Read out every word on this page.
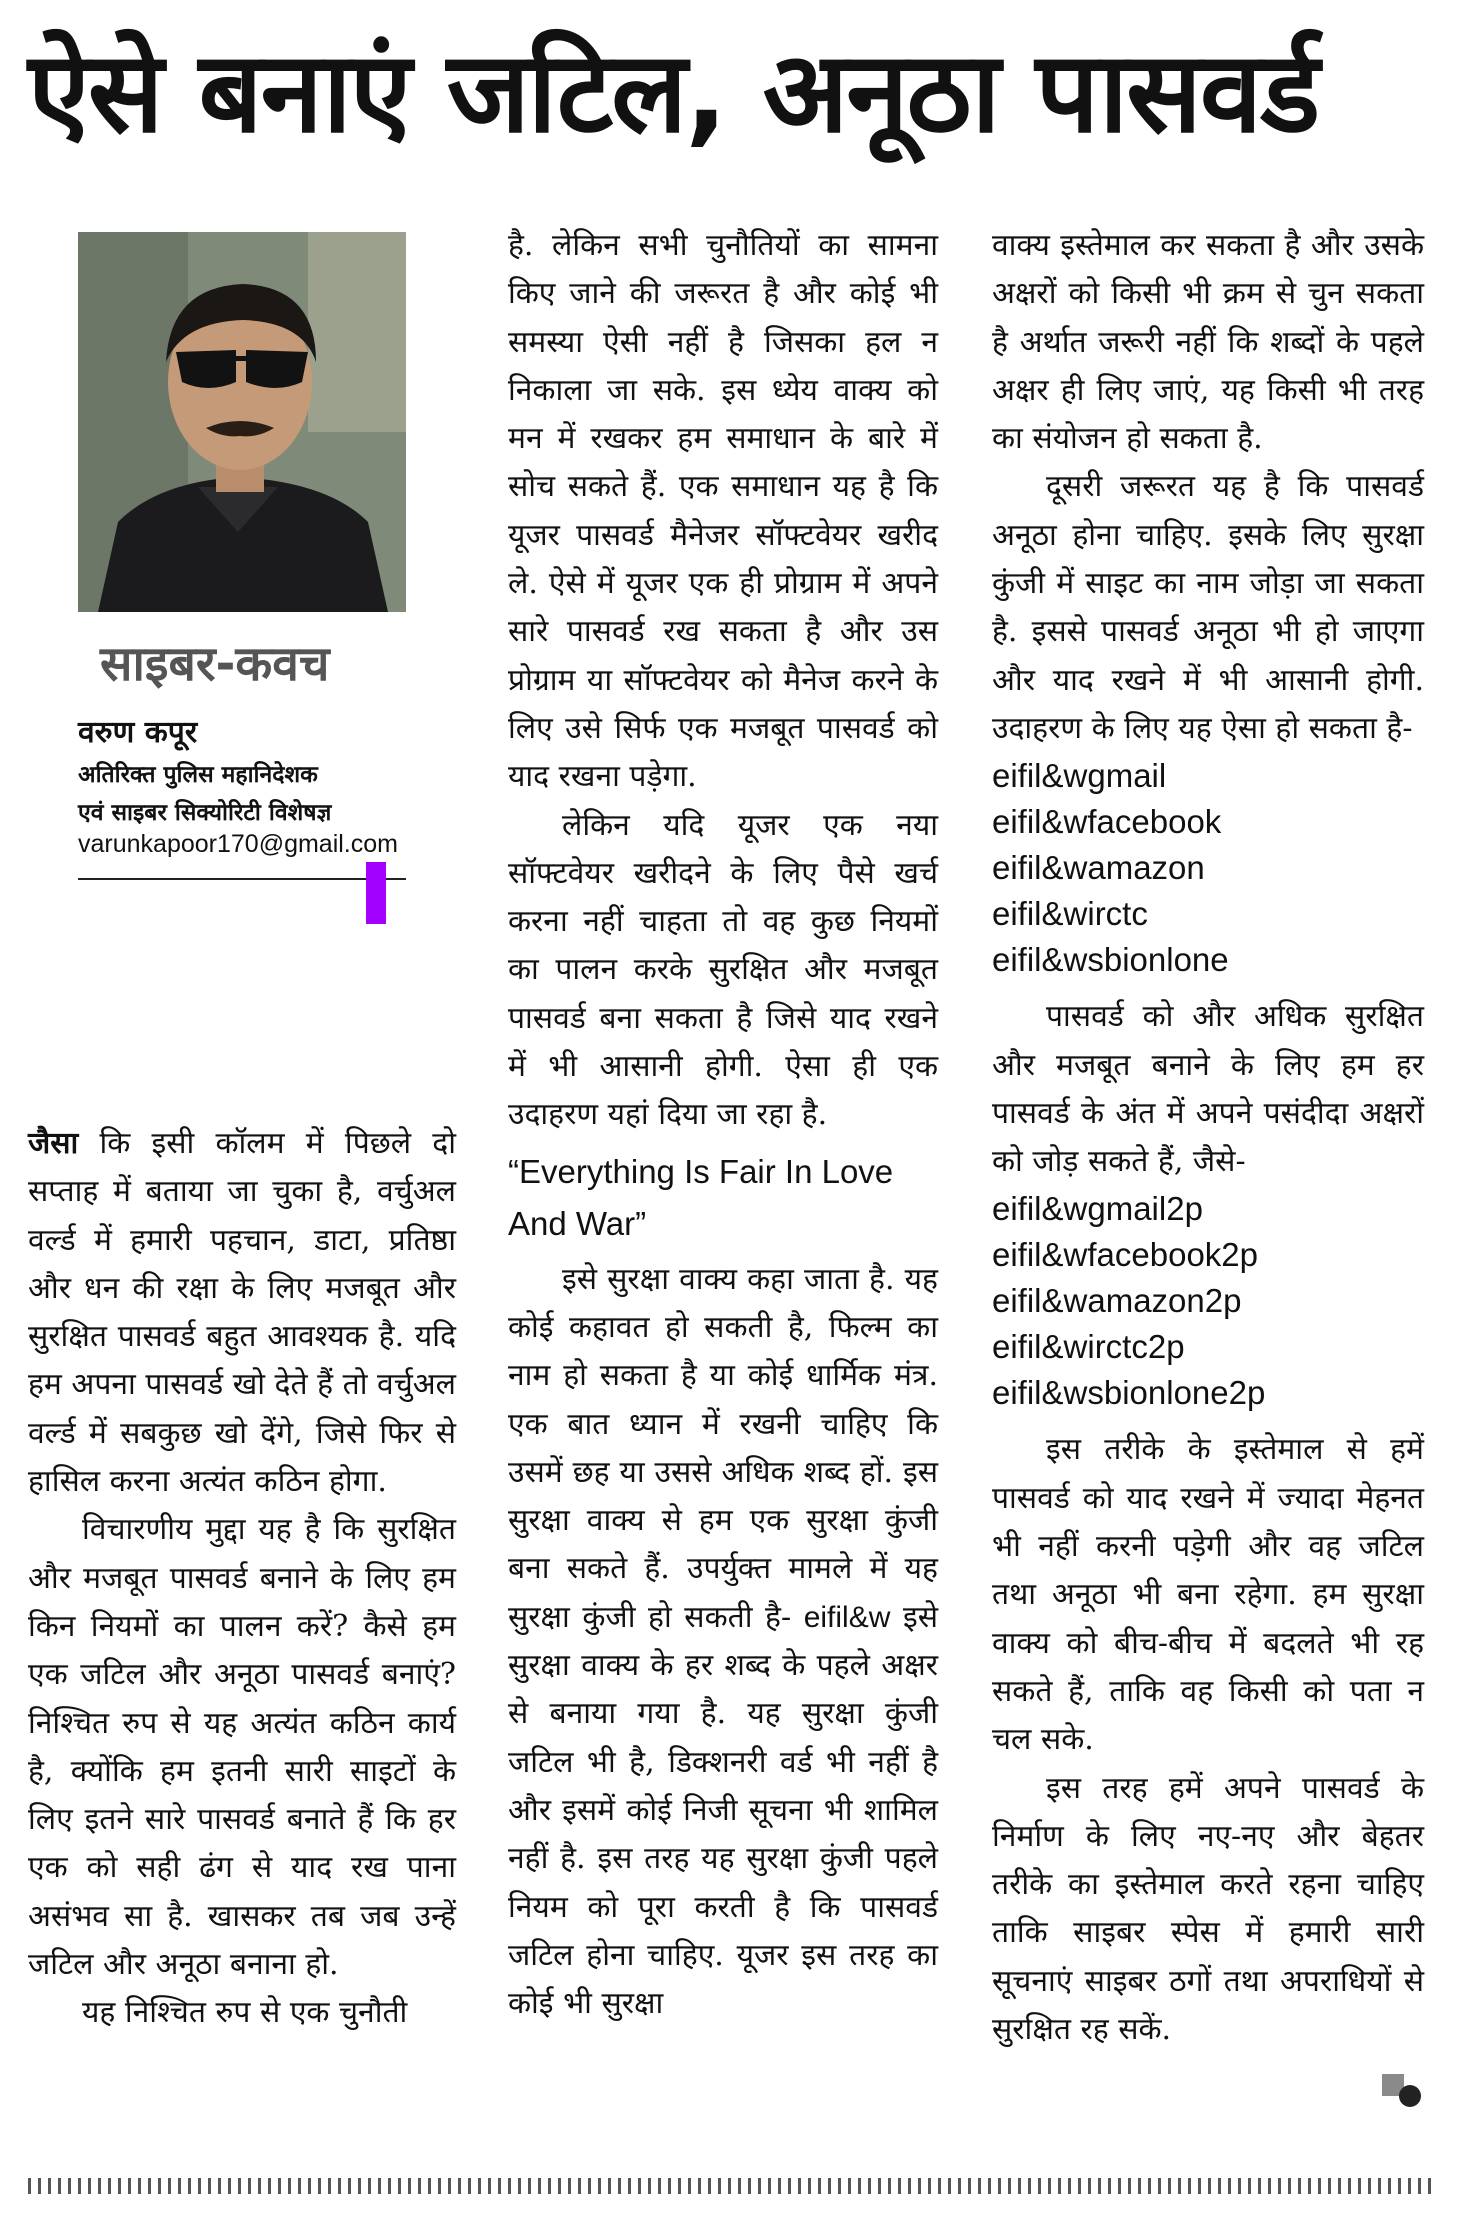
ऐसे बनाएं जटिल, अनूठा पासवर्ड
साइबर-कवच
वरुण कपूर
अतिरिक्त पुलिस महानिदेशक
एवं साइबर सिक्योरिटी विशेषज्ञ
varunkapoor170@gmail.com

जैसा कि इसी कॉलम में पिछले दो सप्ताह में बताया जा चुका है, वर्चुअल वर्ल्ड में हमारी पहचान, डाटा, प्रतिष्ठा और धन की रक्षा के लिए मजबूत और सुरक्षित पासवर्ड बहुत आवश्यक है. यदि हम अपना पासवर्ड खो देते हैं तो वर्चुअल वर्ल्ड में सबकुछ खो देंगे, जिसे फिर से हासिल करना अत्यंत कठिन होगा.

विचारणीय मुद्दा यह है कि सुरक्षित और मजबूत पासवर्ड बनाने के लिए हम किन नियमों का पालन करें? कैसे हम एक जटिल और अनूठा पासवर्ड बनाएं? निश्चित रुप से यह अत्यंत कठिन कार्य है, क्योंकि हम इतनी सारी साइटों के लिए इतने सारे पासवर्ड बनाते हैं कि हर एक को सही ढंग से याद रख पाना असंभव सा है. खासकर तब जब उन्हें जटिल और अनूठा बनाना हो.

यह निश्चित रुप से एक चुनौती

है. लेकिन सभी चुनौतियों का सामना किए जाने की जरूरत है और कोई भी समस्या ऐसी नहीं है जिसका हल न निकाला जा सके. इस ध्येय वाक्य को मन में रखकर हम समाधान के बारे में सोच सकते हैं. एक समाधान यह है कि यूजर पासवर्ड मैनेजर सॉफ्टवेयर खरीद ले. ऐसे में यूजर एक ही प्रोग्राम में अपने सारे पासवर्ड रख सकता है और उस प्रोग्राम या सॉफ्टवेयर को मैनेज करने के लिए उसे सिर्फ एक मजबूत पासवर्ड को याद रखना पड़ेगा.

लेकिन यदि यूजर एक नया सॉफ्टवेयर खरीदने के लिए पैसे खर्च करना नहीं चाहता तो वह कुछ नियमों का पालन करके सुरक्षित और मजबूत पासवर्ड बना सकता है जिसे याद रखने में भी आसानी होगी. ऐसा ही एक उदाहरण यहां दिया जा रहा है.

“Everything Is Fair In Love And War”

इसे सुरक्षा वाक्य कहा जाता है. यह कोई कहावत हो सकती है, फिल्म का नाम हो सकता है या कोई धार्मिक मंत्र. एक बात ध्यान में रखनी चाहिए कि उसमें छह या उससे अधिक शब्द हों. इस सुरक्षा वाक्य से हम एक सुरक्षा कुंजी बना सकते हैं. उपर्युक्त मामले में यह सुरक्षा कुंजी हो सकती है- eifil&w इसे सुरक्षा वाक्य के हर शब्द के पहले अक्षर से बनाया गया है. यह सुरक्षा कुंजी जटिल भी है, डिक्शनरी वर्ड भी नहीं है और इसमें कोई निजी सूचना भी शामिल नहीं है. इस तरह यह सुरक्षा कुंजी पहले नियम को पूरा करती है कि पासवर्ड जटिल होना चाहिए. यूजर इस तरह का कोई भी सुरक्षा

वाक्य इस्तेमाल कर सकता है और उसके अक्षरों को किसी भी क्रम से चुन सकता है अर्थात जरूरी नहीं कि शब्दों के पहले अक्षर ही लिए जाएं, यह किसी भी तरह का संयोजन हो सकता है.

दूसरी जरूरत यह है कि पासवर्ड अनूठा होना चाहिए. इसके लिए सुरक्षा कुंजी में साइट का नाम जोड़ा जा सकता है. इससे पासवर्ड अनूठा भी हो जाएगा और याद रखने में भी आसानी होगी. उदाहरण के लिए यह ऐसा हो सकता है-

eifil&wgmail
eifil&wfacebook
eifil&wamazon
eifil&wirctc
eifil&wsbionlone

पासवर्ड को और अधिक सुरक्षित और मजबूत बनाने के लिए हम हर पासवर्ड के अंत में अपने पसंदीदा अक्षरों को जोड़ सकते हैं, जैसे-

eifil&wgmail2p
eifil&wfacebook2p
eifil&wamazon2p
eifil&wirctc2p
eifil&wsbionlone2p

इस तरीके के इस्तेमाल से हमें पासवर्ड को याद रखने में ज्यादा मेहनत भी नहीं करनी पड़ेगी और वह जटिल तथा अनूठा भी बना रहेगा. हम सुरक्षा वाक्य को बीच-बीच में बदलते भी रह सकते हैं, ताकि वह किसी को पता न चल सके.

इस तरह हमें अपने पासवर्ड के निर्माण के लिए नए-नए और बेहतर तरीके का इस्तेमाल करते रहना चाहिए ताकि साइबर स्पेस में हमारी सारी सूचनाएं साइबर ठगों तथा अपराधियों से सुरक्षित रह सकें.
